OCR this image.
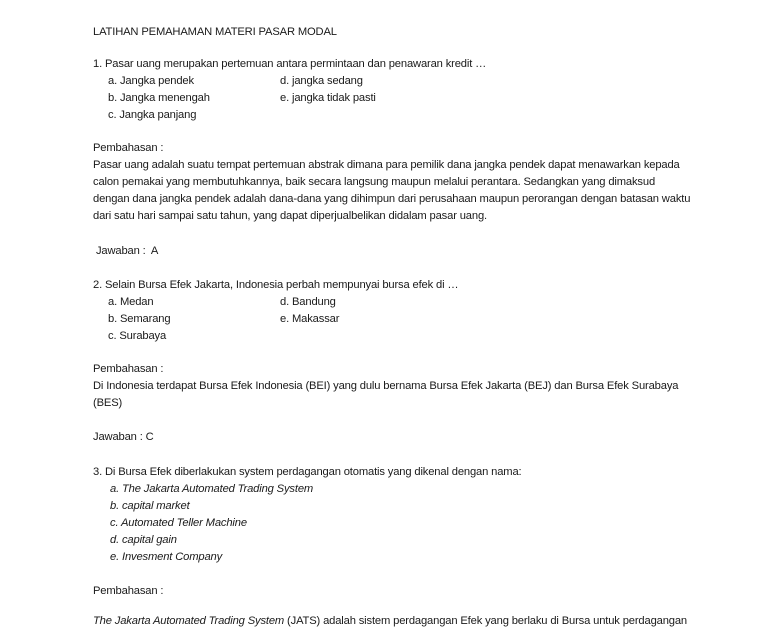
LATIHAN PEMAHAMAN MATERI PASAR MODAL
1. Pasar uang merupakan pertemuan antara permintaan dan penawaran kredit …
a. Jangka pendek	d. jangka sedang
b. Jangka menengah	e. jangka tidak pasti
c. Jangka panjang
Pembahasan :
Pasar uang adalah suatu tempat pertemuan abstrak dimana para pemilik dana jangka pendek dapat menawarkan kepada
calon pemakai yang membutuhkannya, baik secara langsung maupun melalui perantara. Sedangkan yang dimaksud
dengan dana jangka pendek adalah dana-dana yang dihimpun dari perusahaan maupun perorangan dengan batasan waktu
dari satu hari sampai satu tahun, yang dapat diperjualbelikan didalam pasar uang.
Jawaban :  A
2. Selain Bursa Efek Jakarta, Indonesia perbah mempunyai bursa efek di …
a. Medan	d. Bandung
b. Semarang	e. Makassar
c. Surabaya
Pembahasan :
Di Indonesia terdapat Bursa Efek Indonesia (BEI) yang dulu bernama Bursa Efek Jakarta (BEJ) dan Bursa Efek Surabaya
(BES)
Jawaban : C
3. Di Bursa Efek diberlakukan system perdagangan otomatis yang dikenal dengan nama:
a. The Jakarta Automated Trading System
b. capital market
c. Automated Teller Machine
d. capital gain
e. Invesment Company
Pembahasan :
The Jakarta Automated Trading System (JATS) adalah sistem perdagangan Efek yang berlaku di Bursa untuk perdagangan
